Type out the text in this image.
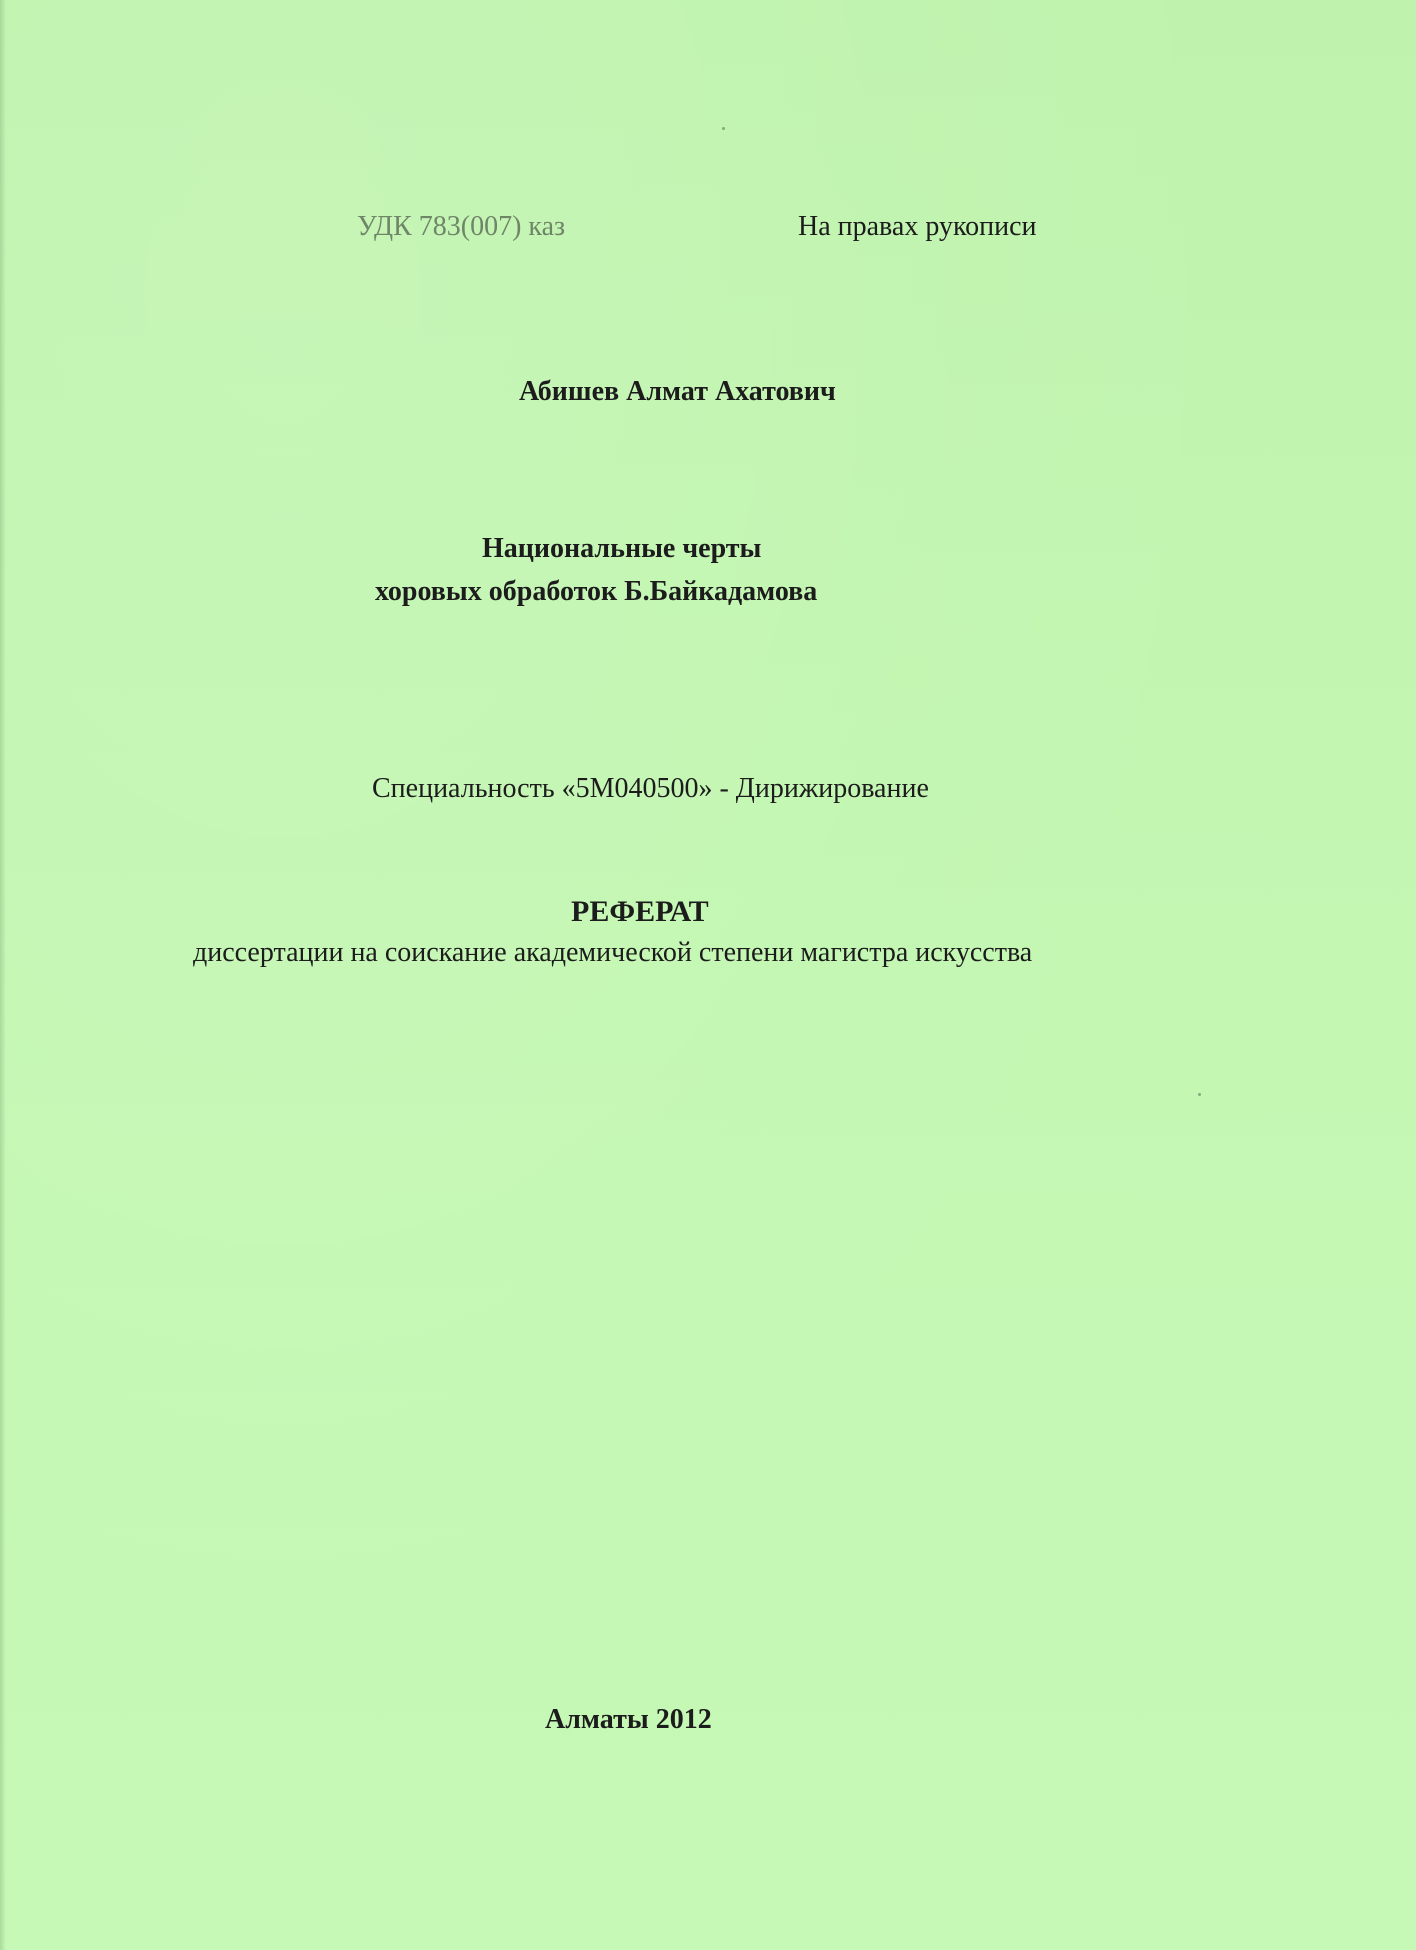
УДК 783(007) каз	На правах рукописи
Абишев Алмат Ахатович
Национальные черты
хоровых обработок Б.Байкадамова
Специальность «5М040500» - Дирижирование
РЕФЕРАТ
диссертации на соискание академической степени магистра искусства
Алматы 2012
